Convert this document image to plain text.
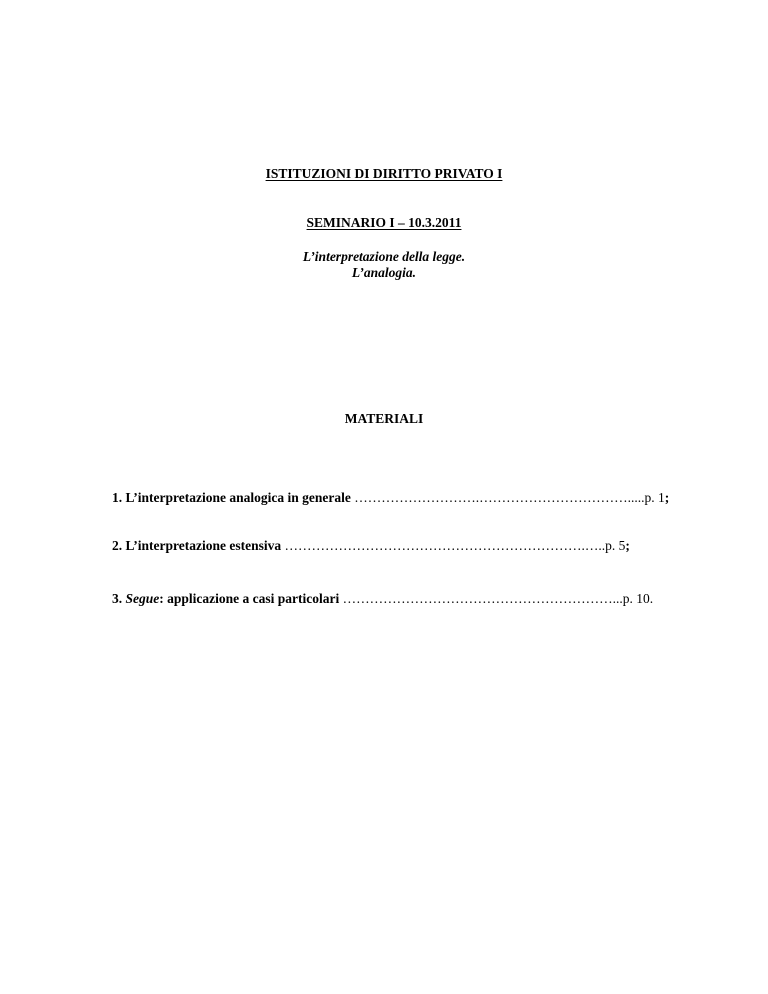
ISTITUZIONI DI DIRITTO PRIVATO I
SEMINARIO I – 10.3.2011
L’interpretazione della legge.
L’analogia.
MATERIALI
1. L’interpretazione analogica in generale ……………………….…………………………….....p. 1;
2. L’interpretazione estensiva ………………………………………………………….…..p. 5;
3. Segue: applicazione a casi particolari ……………………………………………………...p. 10.
